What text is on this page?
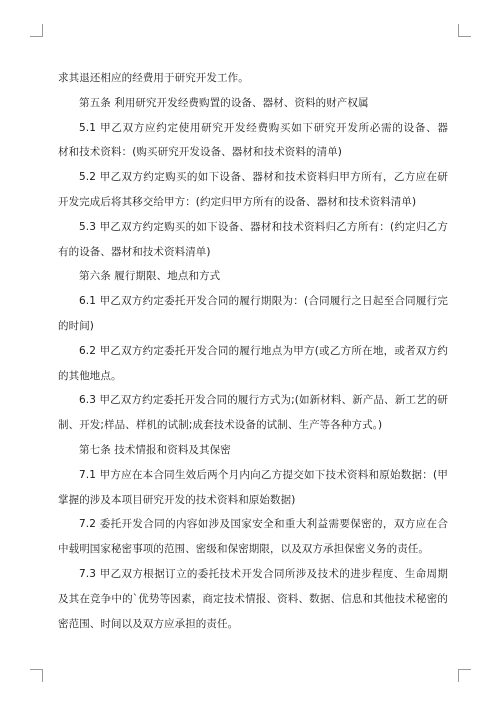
求其退还相应的经费用于研究开发工作。
第五条 利用研究开发经费购置的设备、器材、资料的财产权属
5.1 甲乙双方应约定使用研究开发经费购买如下研究开发所必需的设备、器
材和技术资料：(购买研究开发设备、器材和技术资料的清单)
5.2 甲乙双方约定购买的如下设备、器材和技术资料归甲方所有，乙方应在研
开发完成后将其移交给甲方：(约定归甲方所有的设备、器材和技术资料清单)
5.3 甲乙双方约定购买的如下设备、器材和技术资料归乙方所有：(约定归乙方
有的设备、器材和技术资料清单)
第六条 履行期限、地点和方式
6.1 甲乙双方约定委托开发合同的履行期限为：(合同履行之日起至合同履行完
的时间)
6.2 甲乙双方约定委托开发合同的履行地点为甲方(或乙方所在地，或者双方约
的其他地点。
6.3 甲乙双方约定委托开发合同的履行方式为;(如新材料、新产品、新工艺的研
制、开发;样品、样机的试制;成套技术设备的试制、生产等各种方式。)
第七条 技术情报和资料及其保密
7.1 甲方应在本合同生效后两个月内向乙方提交如下技术资料和原始数据：(甲
掌握的涉及本项目研究开发的技术资料和原始数据)
7.2 委托开发合同的内容如涉及国家安全和重大利益需要保密的，双方应在合
中载明国家秘密事项的范围、密级和保密期限，以及双方承担保密义务的责任。
7.3 甲乙双方根据订立的委托技术开发合同所涉及技术的进步程度、生命周期
及其在竞争中的`优势等因素，商定技术情报、资料、数据、信息和其他技术秘密的
密范围、时间以及双方应承担的责任。
